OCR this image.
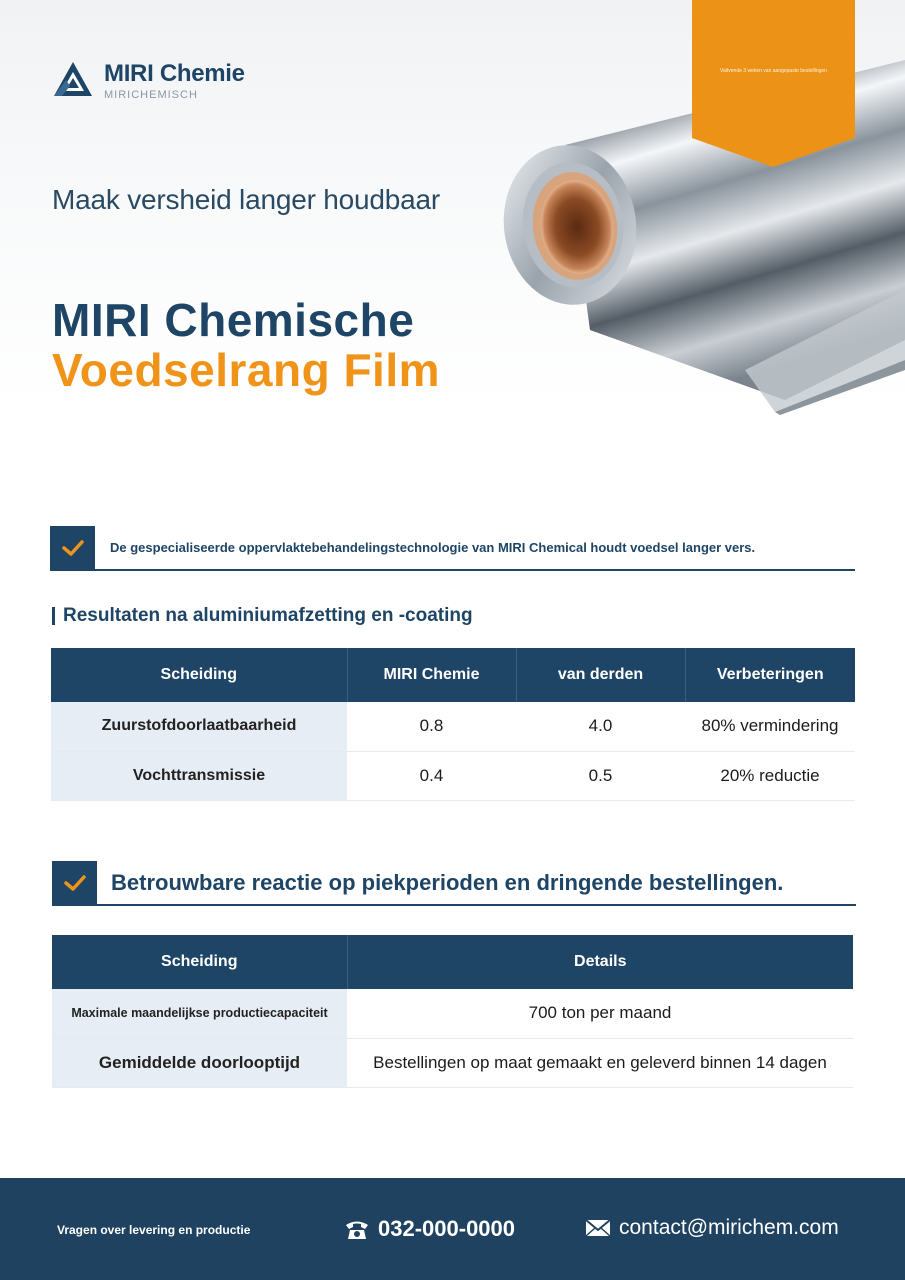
MIRI Chemie
MIRICHEMISCH
Valtvende 3 weken van aangepaste bestellingen
Maak versheid langer houdbaar
MIRI Chemische
Voedselrang Film
De gespecialiseerde oppervlaktebehandelingstechnologie van MIRI Chemical houdt voedsel langer vers.
Resultaten na aluminiumafzetting en -coating
Scheiding	MIRI Chemie	van derden	Verbeteringen
Zuurstofdoorlaatbaarheid	0.8	4.0	80% vermindering
Vochttransmissie	0.4	0.5	20% reductie
Betrouwbare reactie op piekperioden en dringende bestellingen.
Scheiding	Details
Maximale maandelijkse productiecapaciteit	700 ton per maand
Gemiddelde doorlooptijd	Bestellingen op maat gemaakt en geleverd binnen 14 dagen
Vragen over levering en productie	032-000-0000	contact@mirichem.com
